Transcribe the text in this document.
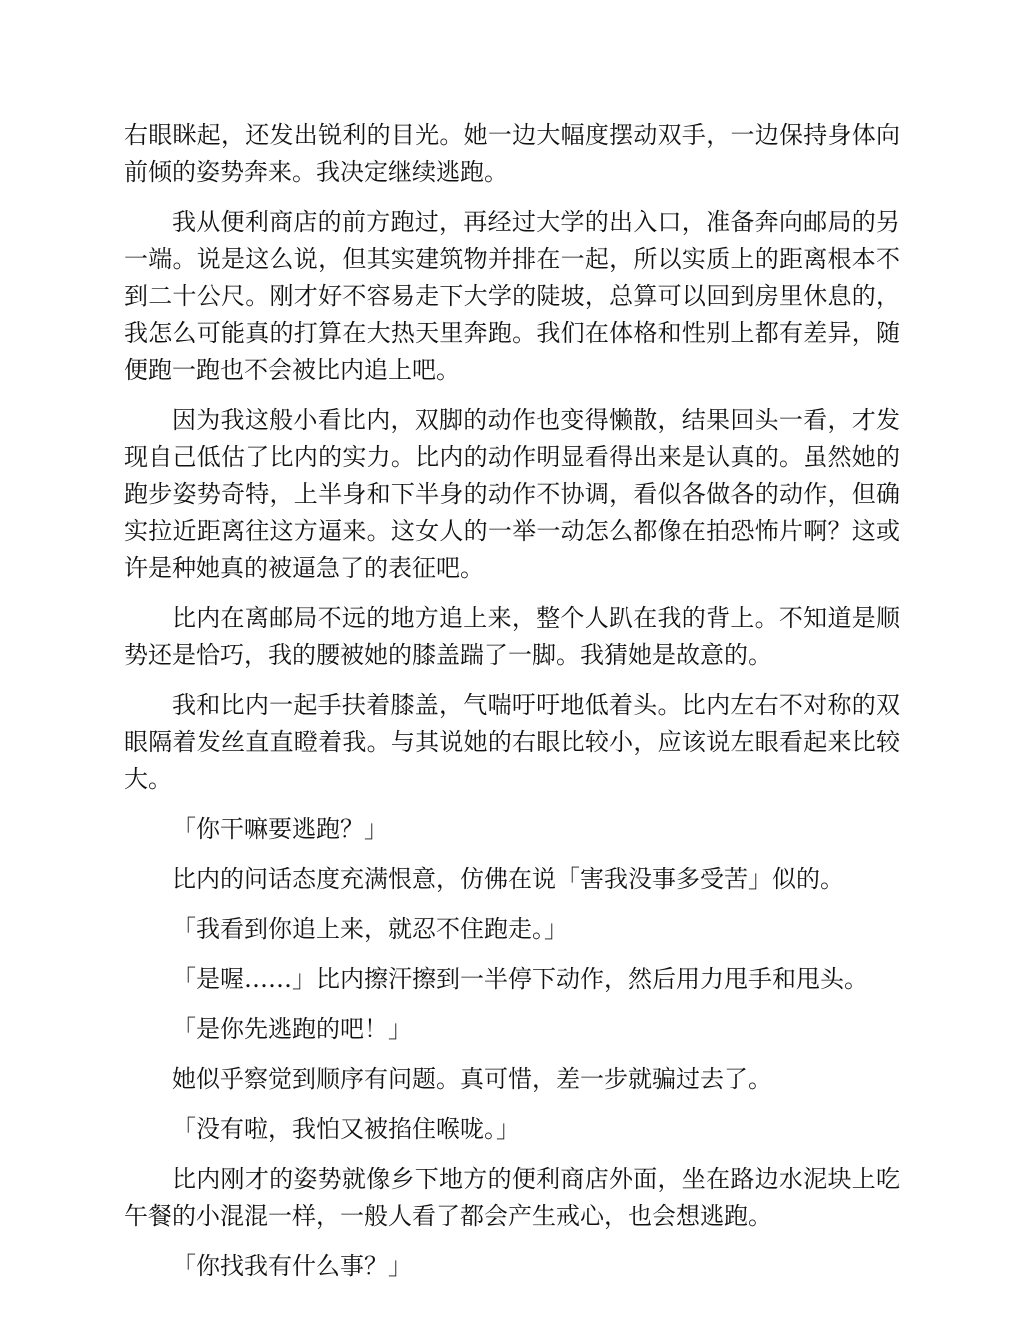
右眼眯起，还发出锐利的目光。她一边大幅度摆动双手，一边保持身体向前倾的姿势奔来。我决定继续逃跑。

我从便利商店的前方跑过，再经过大学的出入口，准备奔向邮局的另一端。说是这么说，但其实建筑物并排在一起，所以实质上的距离根本不到二十公尺。刚才好不容易走下大学的陡坡，总算可以回到房里休息的，我怎么可能真的打算在大热天里奔跑。我们在体格和性别上都有差异，随便跑一跑也不会被比内追上吧。

因为我这般小看比内，双脚的动作也变得懒散，结果回头一看，才发现自己低估了比内的实力。比内的动作明显看得出来是认真的。虽然她的跑步姿势奇特，上半身和下半身的动作不协调，看似各做各的动作，但确实拉近距离往这方逼来。这女人的一举一动怎么都像在拍恐怖片啊？这或许是种她真的被逼急了的表征吧。

比内在离邮局不远的地方追上来，整个人趴在我的背上。不知道是顺势还是恰巧，我的腰被她的膝盖踹了一脚。我猜她是故意的。

我和比内一起手扶着膝盖，气喘吁吁地低着头。比内左右不对称的双眼隔着发丝直直瞪着我。与其说她的右眼比较小，应该说左眼看起来比较大。

「你干嘛要逃跑？」

比内的问话态度充满恨意，仿佛在说「害我没事多受苦」似的。

「我看到你追上来，就忍不住跑走。」

「是喔……」比内擦汗擦到一半停下动作，然后用力甩手和甩头。

「是你先逃跑的吧！」

她似乎察觉到顺序有问题。真可惜，差一步就骗过去了。

「没有啦，我怕又被掐住喉咙。」

比内刚才的姿势就像乡下地方的便利商店外面，坐在路边水泥块上吃午餐的小混混一样，一般人看了都会产生戒心，也会想逃跑。

「你找我有什么事？」
